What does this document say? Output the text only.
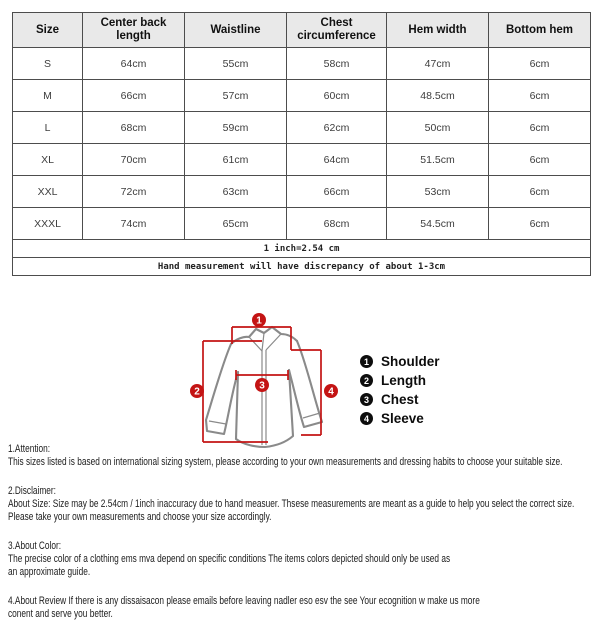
Size	Center back length	Waistline	Chest circumference	Hem width	Bottom hem
S	64cm	55cm	58cm	47cm	6cm
M	66cm	57cm	60cm	48.5cm	6cm
L	68cm	59cm	62cm	50cm	6cm
XL	70cm	61cm	64cm	51.5cm	6cm
XXL	72cm	63cm	66cm	53cm	6cm
XXXL	74cm	65cm	68cm	54.5cm	6cm
1 inch=2.54 cm					
Hand measurement will have discrepancy of about 1-3cm					
1
2
3
4
1 Shoulder
2 Length
3 Chest
4 Sleeve
1.Attention:
This sizes listed is based on international sizing system, please according to your own measurements and dressing habits to choose your suitable size.
2.Disclaimer:
About Size: Size may be 2.54cm / 1inch inaccuracy due to hand measuer. Thsese measurements are meant as a guide to help you select the correct size.
Please take your own measurements and choose your size accordingly.
3.About Color:
The precise color of a clothing ems mva depend on specific conditions The items colors depicted should only be used as
an approximate guide.
4.About Review If there is any dissaisacon please emails before leaving nadler eso esv the see Your ecognition w make us more
conent and serve you better.
